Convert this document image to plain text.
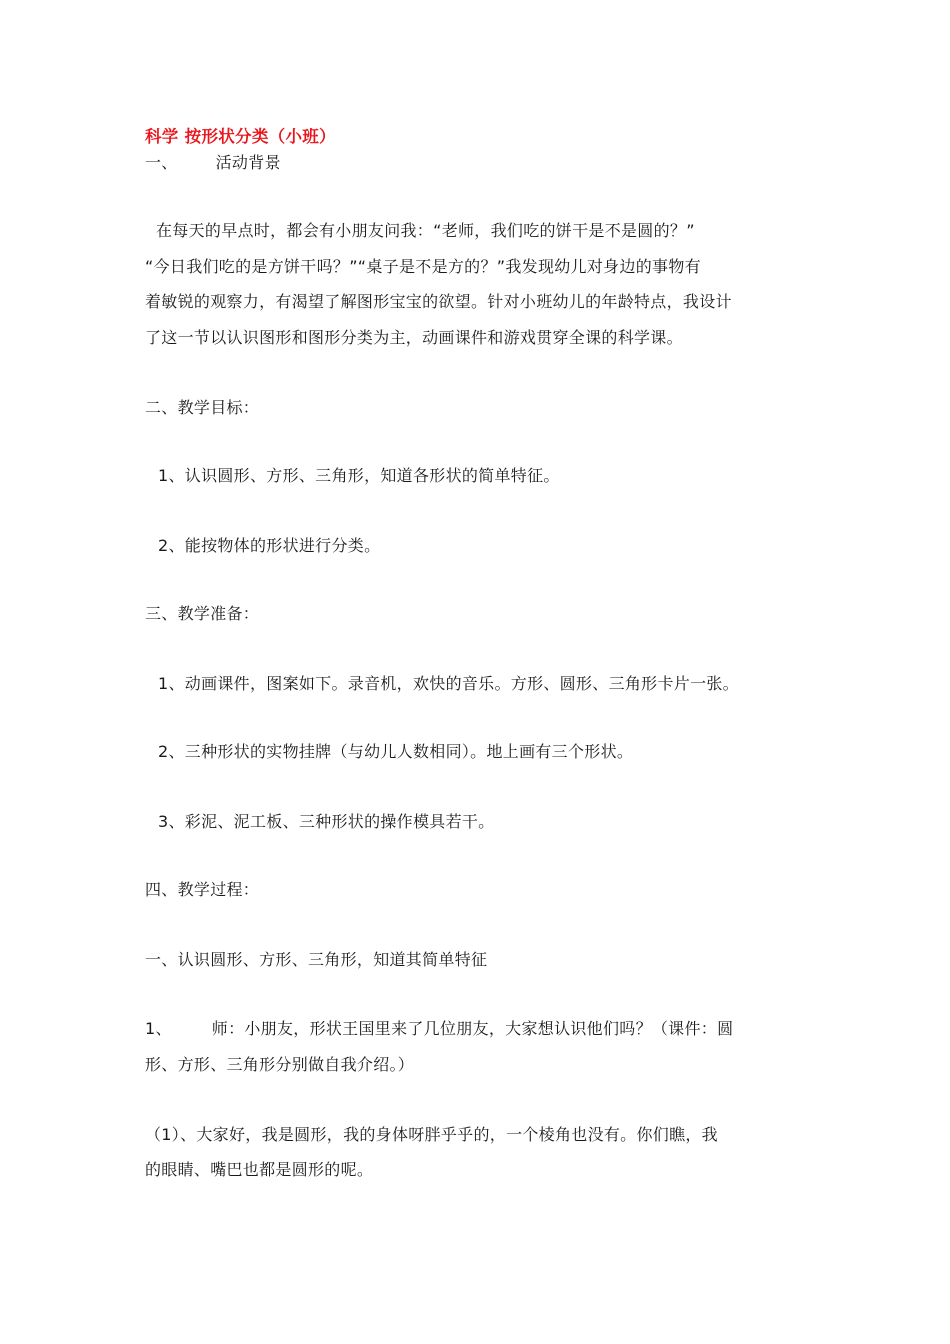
科学 按形状分类（小班）
一、 活动背景
在每天的早点时，都会有小朋友问我：“老师，我们吃的饼干是不是圆的？”
“今日我们吃的是方饼干吗？”“桌子是不是方的？”我发现幼儿对身边的事物有
着敏锐的观察力，有渴望了解图形宝宝的欲望。针对小班幼儿的年龄特点，我设计
了这一节以认识图形和图形分类为主，动画课件和游戏贯穿全课的科学课。
二、教学目标：
1、认识圆形、方形、三角形，知道各形状的简单特征。
2、能按物体的形状进行分类。
三、教学准备：
1、动画课件，图案如下。录音机，欢快的音乐。方形、圆形、三角形卡片一张。
2、三种形状的实物挂牌（与幼儿人数相同）。地上画有三个形状。
3、彩泥、泥工板、三种形状的操作模具若干。
四、教学过程：
一、认识圆形、方形、三角形，知道其简单特征
1、	师：小朋友，形状王国里来了几位朋友，大家想认识他们吗？（课件：圆
形、方形、三角形分别做自我介绍。）
（1）、大家好，我是圆形，我的身体呀胖乎乎的，一个棱角也没有。你们瞧，我
的眼睛、嘴巴也都是圆形的呢。
